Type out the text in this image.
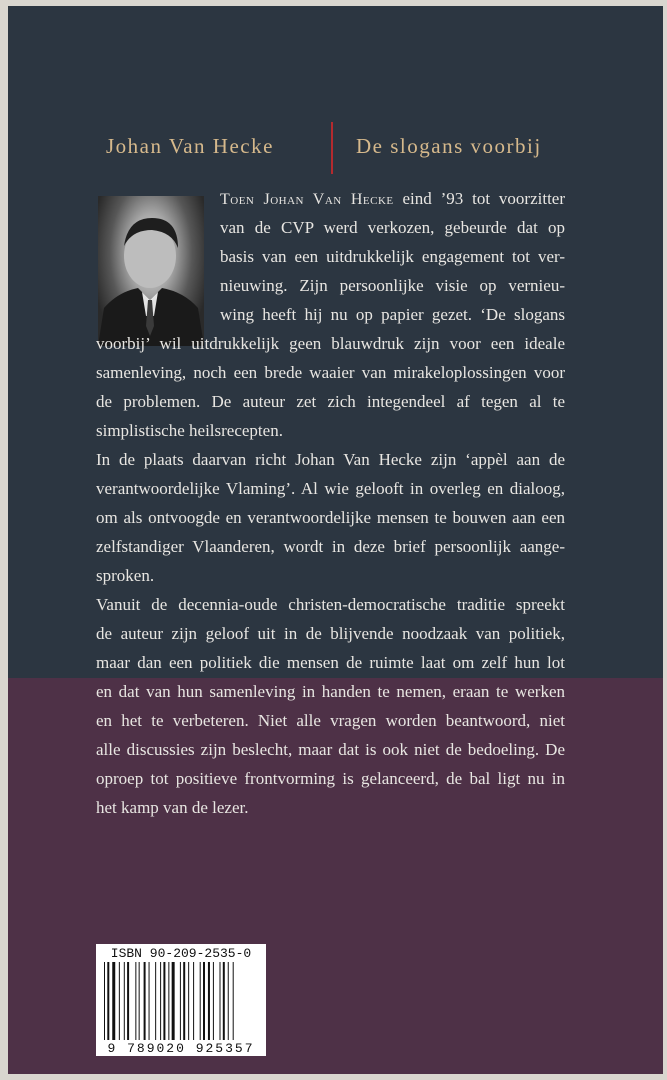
Johan Van Hecke	De slogans voorbij
Toen Johan Van Hecke eind ’93 tot voorzitter
van de CVP werd verkozen, gebeurde dat op
basis van een uitdrukkelijk engagement tot ver-
nieuwing. Zijn persoonlijke visie op vernieu-
wing heeft hij nu op papier gezet. ‘De slogans
voorbij’ wil uitdrukkelijk geen blauwdruk zijn voor een ideale
samenleving, noch een brede waaier van mirakeloplossingen voor
de problemen. De auteur zet zich integendeel af tegen al te
simplistische heilsrecepten.
In de plaats daarvan richt Johan Van Hecke zijn ‘appèl aan de
verantwoordelijke Vlaming’. Al wie gelooft in overleg en dialoog,
om als ontvoogde en verantwoordelijke mensen te bouwen aan een
zelfstandiger Vlaanderen, wordt in deze brief persoonlijk aange-
sproken.
Vanuit de decennia-oude christen-democratische traditie spreekt
de auteur zijn geloof uit in de blijvende noodzaak van politiek,
maar dan een politiek die mensen de ruimte laat om zelf hun lot
en dat van hun samenleving in handen te nemen, eraan te werken
en het te verbeteren. Niet alle vragen worden beantwoord, niet
alle discussies zijn beslecht, maar dat is ook niet de bedoeling. De
oproep tot positieve frontvorming is gelanceerd, de bal ligt nu in
het kamp van de lezer.
ISBN 90-209-2535-0
9 789020 925357
